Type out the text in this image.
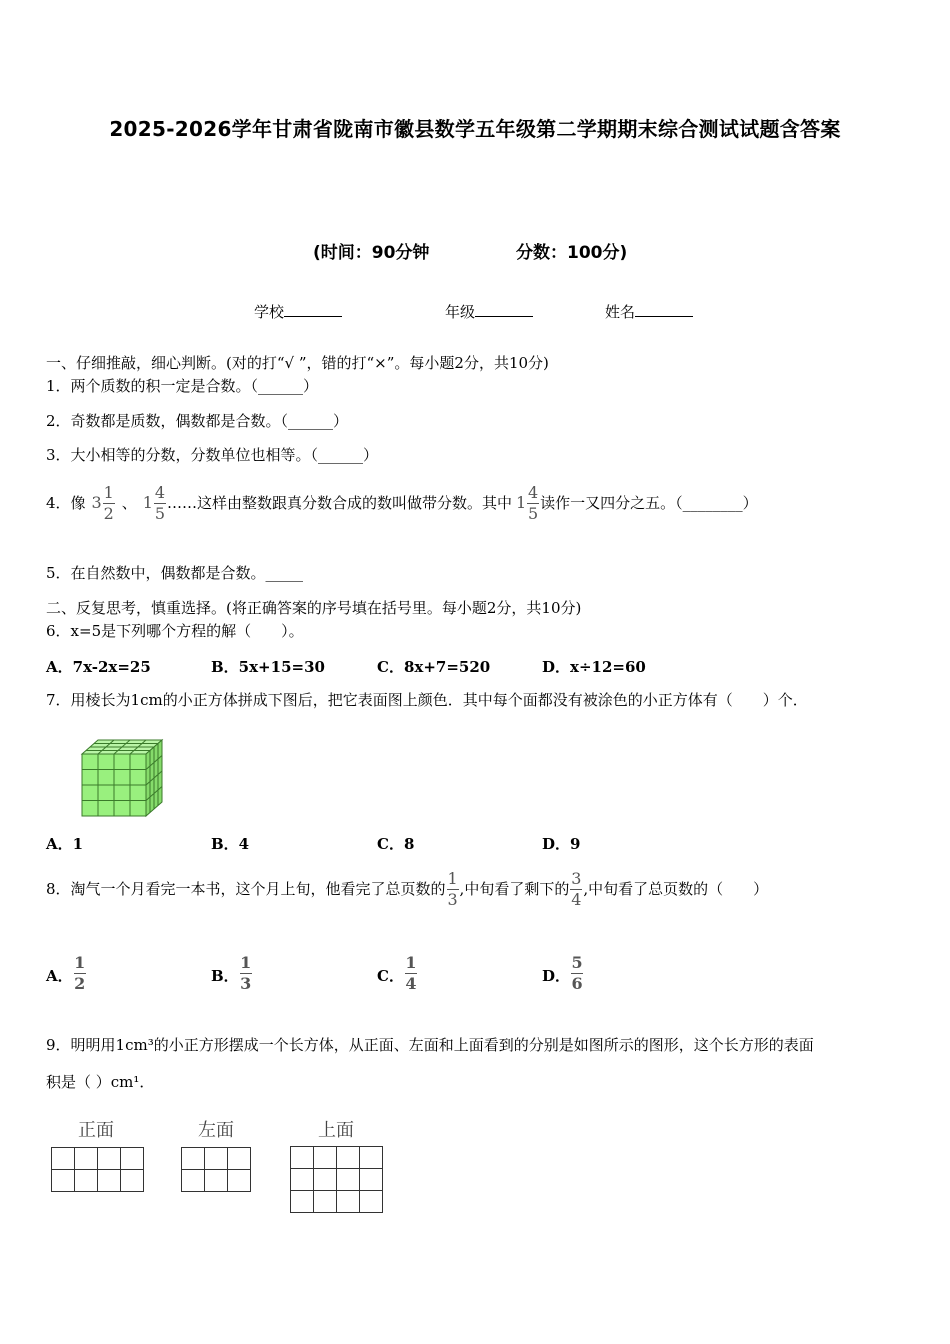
2025-2026学年甘肃省陇南市徽县数学五年级第二学期期末综合测试试题含答案
(时间：90分钟	分数：100分)
学校	年级	姓名
一、仔细推敲，细心判断。(对的打“√ ”，错的打“×”。每小题2分，共10分)
1．两个质数的积一定是合数。（______）
2．奇数都是质数，偶数都是合数。（______）
3．大小相等的分数，分数单位也相等。（______）
4．像 $3 \frac{1}{2}$ 、 $1 \frac{4}{5}$ ……这样由整数跟真分数合成的数叫做带分数。其中 $1 \frac{4}{5}$ 读作一又四分之五。（________）
5．在自然数中，偶数都是合数。_____
二、反复思考，慎重选择。(将正确答案的序号填在括号里。每小题2分，共10分)
6．x=5是下列哪个方程的解（　　）。
A．7x-2x=25	B．5x+15=30	C．8x+7=520	D．x÷12=60
7．用棱长为1cm的小正方体拼成下图后，把它表面图上颜色．其中每个面都没有被涂色的小正方体有（　　）个．
A．1	B．4	C．8	D．9
8．淘气一个月看完一本书，这个月上旬，他看完了总页数的 $\frac{1}{3}$ ,中旬看了剩下的 $\frac{3}{4}$ ,中旬看了总页数的（　　）
A． $\frac{1}{2}$	B． $\frac{1}{3}$	C． $\frac{1}{4}$	D． $\frac{5}{6}$
9．明明用1cm³的小正方形摆成一个长方体，从正面、左面和上面看到的分别是如图所示的图形，这个长方形的表面
积是（ ）cm¹．
正面	左面	上面
